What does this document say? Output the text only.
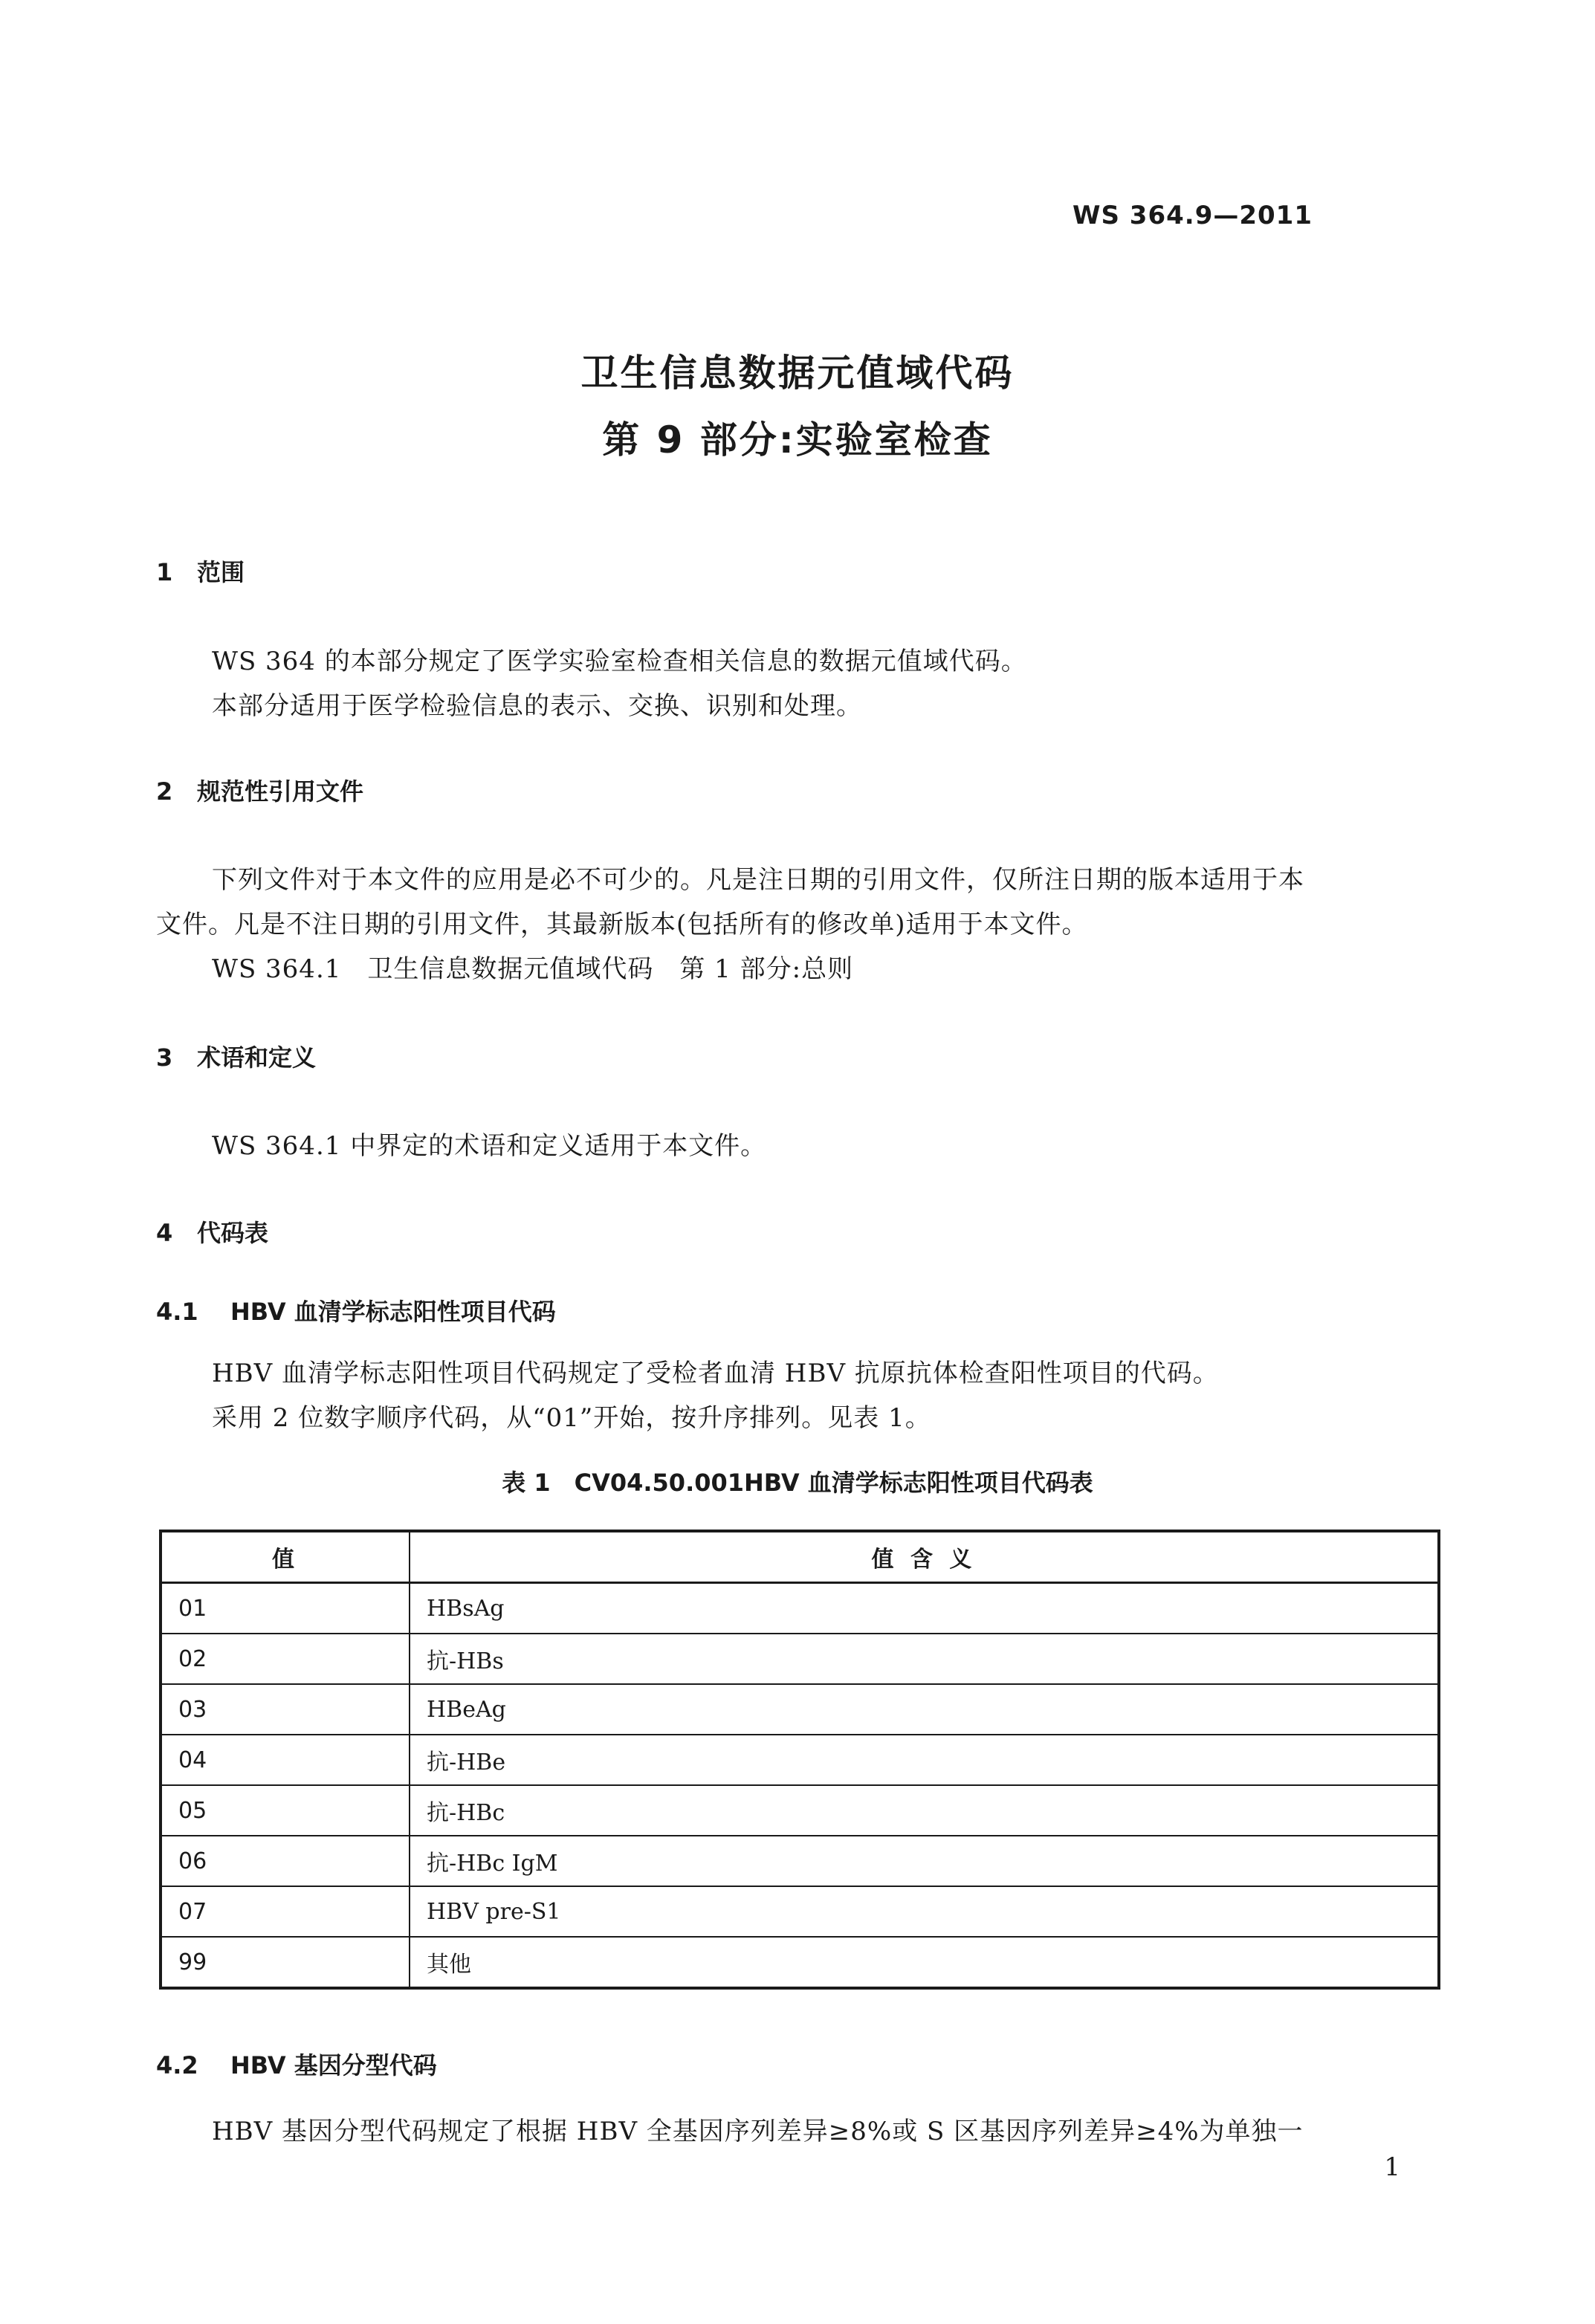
WS 364.9—2011
卫生信息数据元值域代码
第 9 部分:实验室检查
1 范围
WS 364 的本部分规定了医学实验室检查相关信息的数据元值域代码。
本部分适用于医学检验信息的表示、交换、识别和处理。
2 规范性引用文件
下列文件对于本文件的应用是必不可少的。凡是注日期的引用文件，仅所注日期的版本适用于本
文件。凡是不注日期的引用文件，其最新版本(包括所有的修改单)适用于本文件。
WS 364.1　卫生信息数据元值域代码　第 1 部分:总则
3 术语和定义
WS 364.1 中界定的术语和定义适用于本文件。
4 代码表
4.1 HBV 血清学标志阳性项目代码
HBV 血清学标志阳性项目代码规定了受检者血清 HBV 抗原抗体检查阳性项目的代码。
采用 2 位数字顺序代码，从“01”开始，按升序排列。见表 1。
表 1　CV04.50.001HBV 血清学标志阳性项目代码表
值	值 含 义
01	HBsAg
02	抗-HBs
03	HBeAg
04	抗-HBe
05	抗-HBc
06	抗-HBc IgM
07	HBV pre-S1
99	其他
4.2 HBV 基因分型代码
HBV 基因分型代码规定了根据 HBV 全基因序列差异≥8%或 S 区基因序列差异≥4%为单独一
1
